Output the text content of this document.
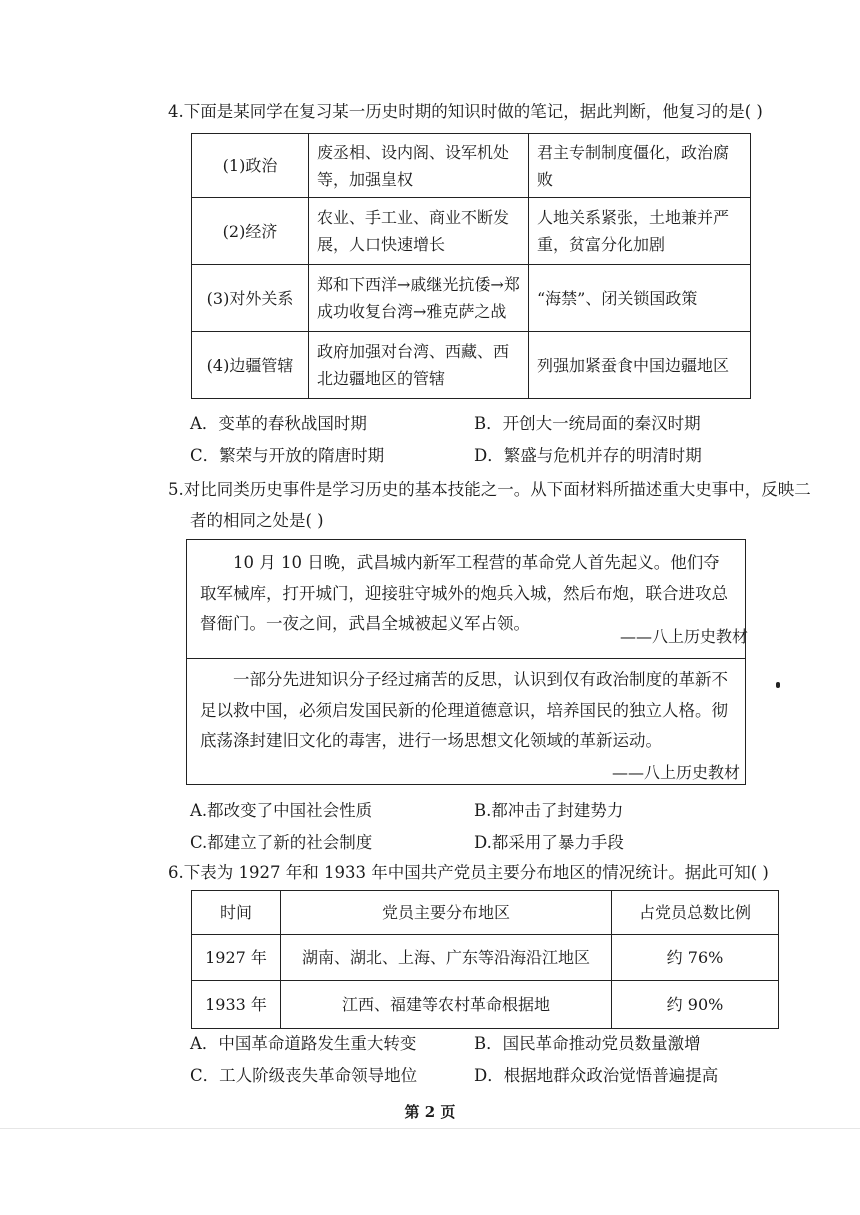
4.下面是某同学在复习某一历史时期的知识时做的笔记，据此判断，他复习的是( )
(1)政治	废丞相、设内阁、设军机处等，加强皇权	君主专制制度僵化，政治腐败
(2)经济	农业、手工业、商业不断发展，人口快速增长	人地关系紧张，土地兼并严重，贫富分化加剧
(3)对外关系	郑和下西洋→戚继光抗倭→郑成功收复台湾→雅克萨之战	“海禁”、闭关锁国政策
(4)边疆管辖	政府加强对台湾、西藏、西北边疆地区的管辖	列强加紧蚕食中国边疆地区
A．变革的春秋战国时期	B．开创大一统局面的秦汉时期
C．繁荣与开放的隋唐时期	D．繁盛与危机并存的明清时期
5.对比同类历史事件是学习历史的基本技能之一。从下面材料所描述重大史事中，反映二
者的相同之处是( )
10 月 10 日晚，武昌城内新军工程营的革命党人首先起义。他们夺取军械库，打开城门，迎接驻守城外的炮兵入城，然后布炮，联合进攻总督衙门。一夜之间，武昌全城被起义军占领。
——八上历史教材
一部分先进知识分子经过痛苦的反思，认识到仅有政治制度的革新不足以救中国，必须启发国民新的伦理道德意识，培养国民的独立人格。彻底荡涤封建旧文化的毒害，进行一场思想文化领域的革新运动。
——八上历史教材
A.都改变了中国社会性质	B.都冲击了封建势力
C.都建立了新的社会制度	D.都采用了暴力手段
6.下表为 1927 年和 1933 年中国共产党员主要分布地区的情况统计。据此可知( )
时间	党员主要分布地区	占党员总数比例
1927 年	湖南、湖北、上海、广东等沿海沿江地区	约 76%
1933 年	江西、福建等农村革命根据地	约 90%
A．中国革命道路发生重大转变	B．国民革命推动党员数量激增
C．工人阶级丧失革命领导地位	D．根据地群众政治觉悟普遍提高
第 2 页
